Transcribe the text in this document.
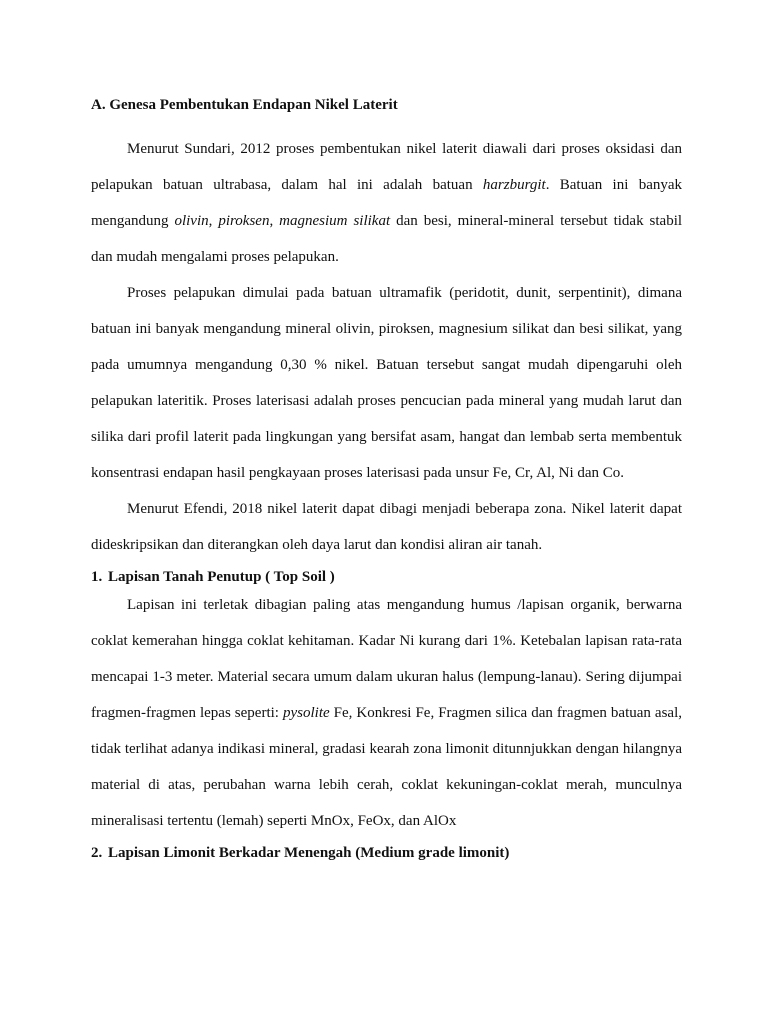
A. Genesa Pembentukan Endapan Nikel Laterit

Menurut Sundari, 2012 proses pembentukan nikel laterit diawali dari proses oksidasi dan pelapukan batuan ultrabasa, dalam hal ini adalah batuan harzburgit. Batuan ini banyak mengandung olivin, piroksen, magnesium silikat dan besi, mineral-mineral tersebut tidak stabil dan mudah mengalami proses pelapukan.

Proses pelapukan dimulai pada batuan ultramafik (peridotit, dunit, serpentinit), dimana batuan ini banyak mengandung mineral olivin, piroksen, magnesium silikat dan besi silikat, yang pada umumnya mengandung 0,30 % nikel. Batuan tersebut sangat mudah dipengaruhi oleh pelapukan lateritik. Proses laterisasi adalah proses pencucian pada mineral yang mudah larut dan silika dari profil laterit pada lingkungan yang bersifat asam, hangat dan lembab serta membentuk konsentrasi endapan hasil pengkayaan proses laterisasi pada unsur Fe, Cr, Al, Ni dan Co.

Menurut Efendi, 2018 nikel laterit dapat dibagi menjadi beberapa zona. Nikel laterit dapat dideskripsikan dan diterangkan oleh daya larut dan kondisi aliran air tanah.

1. Lapisan Tanah Penutup ( Top Soil )

Lapisan ini terletak dibagian paling atas mengandung humus /lapisan organik, berwarna coklat kemerahan hingga coklat kehitaman. Kadar Ni kurang dari 1%. Ketebalan lapisan rata-rata mencapai 1-3 meter. Material secara umum dalam ukuran halus (lempung-lanau). Sering dijumpai fragmen-fragmen lepas seperti: pysolite Fe, Konkresi Fe, Fragmen silica dan fragmen batuan asal, tidak terlihat adanya indikasi mineral, gradasi kearah zona limonit ditunnjukkan dengan hilangnya material di atas, perubahan warna lebih cerah, coklat kekuningan-coklat merah, munculnya mineralisasi tertentu (lemah) seperti MnOx, FeOx, dan AlOx

2. Lapisan Limonit Berkadar Menengah (Medium grade limonit)
